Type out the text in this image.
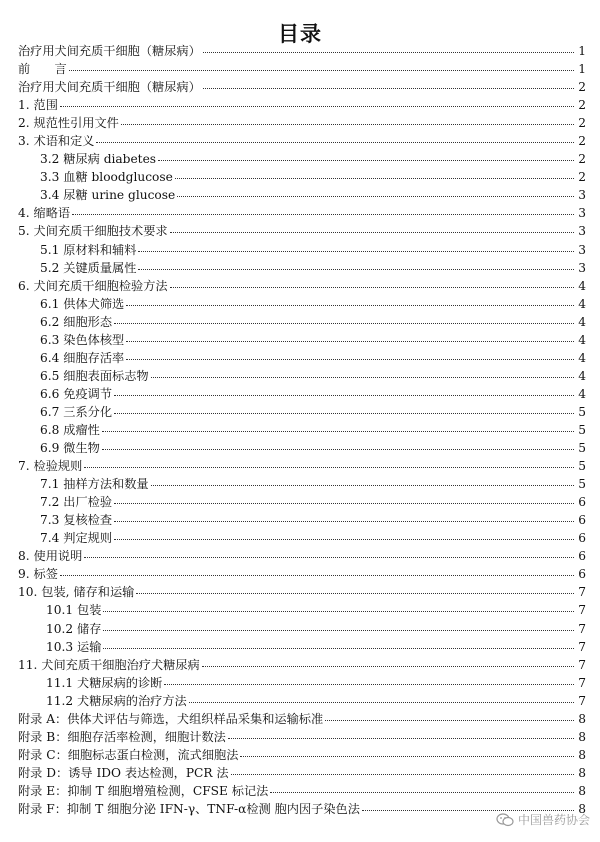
目录
治疗用犬间充质干细胞（糖尿病）	1
前　　言	1
治疗用犬间充质干细胞（糖尿病）	2
1. 范围	2
2. 规范性引用文件	2
3. 术语和定义	2
3.2 糖尿病 diabetes	2
3.3 血糖 bloodglucose	2
3.4 尿糖 urine glucose	3
4. 缩略语	3
5. 犬间充质干细胞技术要求	3
5.1 原材料和辅料	3
5.2 关键质量属性	3
6. 犬间充质干细胞检验方法	4
6.1 供体犬筛选	4
6.2 细胞形态	4
6.3 染色体核型	4
6.4 细胞存活率	4
6.5 细胞表面标志物	4
6.6 免疫调节	4
6.7 三系分化	5
6.8 成瘤性	5
6.9 微生物	5
7. 检验规则	5
7.1 抽样方法和数量	5
7.2 出厂检验	6
7.3 复核检查	6
7.4 判定规则	6
8. 使用说明	6
9. 标签	6
10. 包装, 储存和运输	7
10.1 包装	7
10.2 储存	7
10.3 运输	7
11. 犬间充质干细胞治疗犬糖尿病	7
11.1 犬糖尿病的诊断	7
11.2 犬糖尿病的治疗方法	7
附录 A：供体犬评估与筛选，犬组织样品采集和运输标准	8
附录 B：细胞存活率检测，细胞计数法	8
附录 C：细胞标志蛋白检测，流式细胞法	8
附录 D：诱导 IDO 表达检测，PCR 法	8
附录 E：抑制 T 细胞增殖检测，CFSE 标记法	8
附录 F：抑制 T 细胞分泌 IFN-γ、TNF-α检测 胞内因子染色法	8
中国兽药协会
